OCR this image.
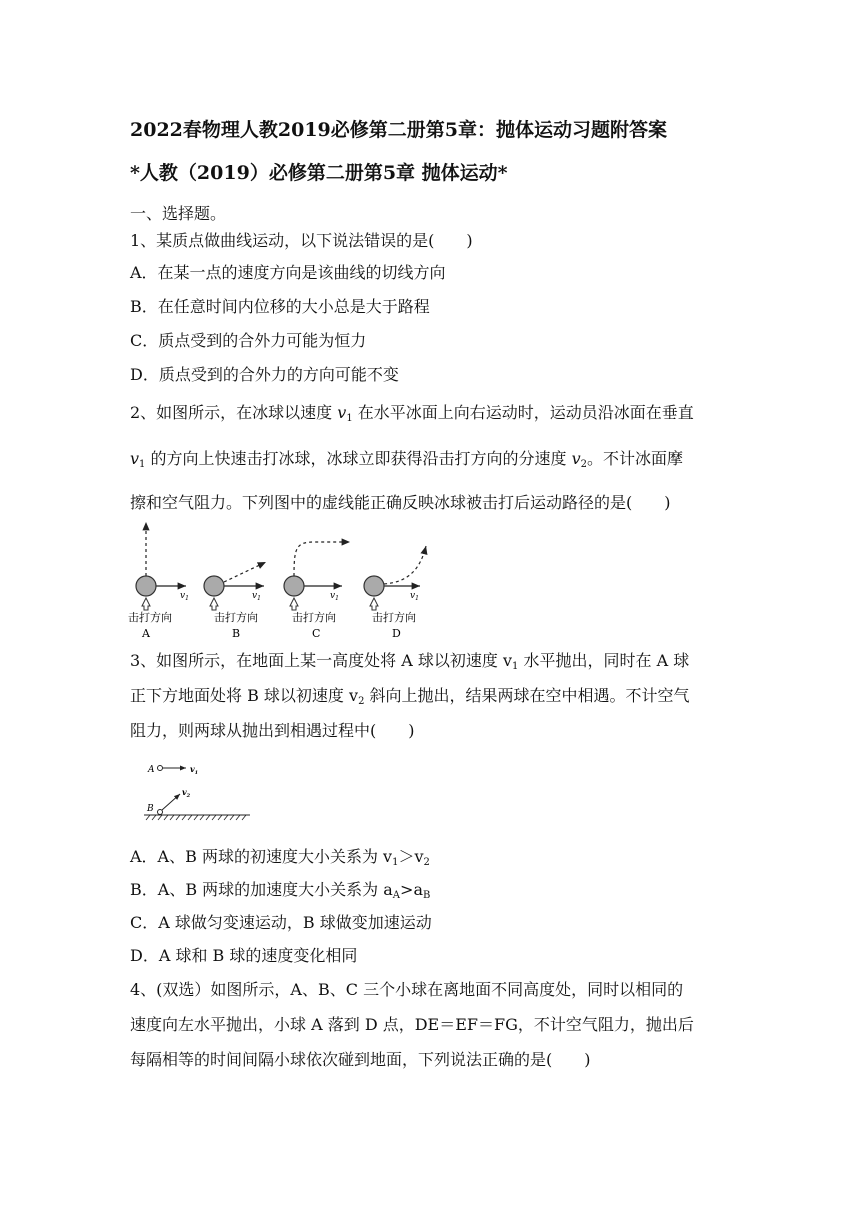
2022春物理人教2019必修第二册第5章：抛体运动习题附答案
*人教（2019）必修第二册第5章 抛体运动*
一、选择题。
1、某质点做曲线运动，以下说法错误的是(　　)
A．在某一点的速度方向是该曲线的切线方向
B．在任意时间内位移的大小总是大于路程
C．质点受到的合外力可能为恒力
D．质点受到的合外力的方向可能不变
2、如图所示，在冰球以速度 $v_1$ 在水平冰面上向右运动时，运动员沿冰面在垂直
$v_1$ 的方向上快速击打冰球，冰球立即获得沿击打方向的分速度 $v_2$。不计冰面摩
擦和空气阻力。下列图中的虚线能正确反映冰球被击打后运动路径的是(　　)
$v_1$
击打方向
A
$v_1$
击打方向
B
$v_1$
击打方向
C
$v_1$
击打方向
D
3、如图所示，在地面上某一高度处将 A 球以初速度 $v_1$ 水平抛出，同时在 A 球
正下方地面处将 B 球以初速度 $v_2$ 斜向上抛出，结果两球在空中相遇。不计空气
阻力，则两球从抛出到相遇过程中(　　)
A	$v_1$
B
$v_2$
A．A、B 两球的初速度大小关系为 $v_1>v_2$
B．A、B 两球的加速度大小关系为 $a_A>a_B$
C．A 球做匀变速运动，B 球做变加速运动
D．A 球和 B 球的速度变化相同
4、(双选）如图所示，A、B、C 三个小球在离地面不同高度处，同时以相同的
速度向左水平抛出，小球 A 落到 D 点，DE＝EF＝FG，不计空气阻力，抛出后
每隔相等的时间间隔小球依次碰到地面，下列说法正确的是(　　)
